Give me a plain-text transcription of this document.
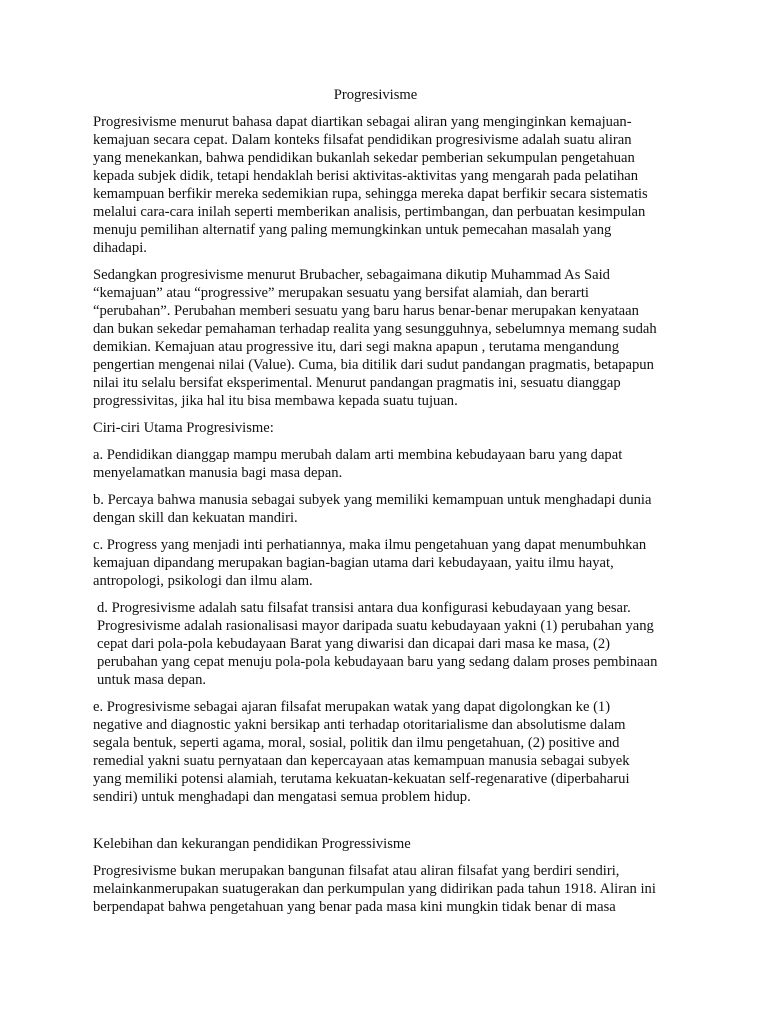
Progresivisme

Progresivisme menurut bahasa dapat diartikan sebagai aliran yang menginginkan kemajuan-kemajuan secara cepat. Dalam konteks filsafat pendidikan progresivisme adalah suatu aliran yang menekankan, bahwa pendidikan bukanlah sekedar pemberian sekumpulan pengetahuan kepada subjek didik, tetapi hendaklah berisi aktivitas-aktivitas yang mengarah pada pelatihan kemampuan berfikir mereka sedemikian rupa, sehingga mereka dapat berfikir secara sistematis melalui cara-cara inilah seperti memberikan analisis, pertimbangan, dan perbuatan kesimpulan menuju pemilihan alternatif yang paling memungkinkan untuk pemecahan masalah yang dihadapi.

Sedangkan progresivisme menurut Brubacher, sebagaimana dikutip Muhammad As Said “kemajuan” atau “progressive” merupakan sesuatu yang bersifat alamiah, dan berarti “perubahan”. Perubahan memberi sesuatu yang baru harus benar-benar merupakan kenyataan dan bukan sekedar pemahaman terhadap realita yang sesungguhnya, sebelumnya memang sudah demikian. Kemajuan atau progressive itu, dari segi makna apapun , terutama mengandung pengertian mengenai nilai (Value). Cuma, bia ditilik dari sudut pandangan pragmatis, betapapun nilai itu selalu bersifat eksperimental. Menurut pandangan pragmatis ini, sesuatu dianggap progressivitas, jika hal itu bisa membawa kepada suatu tujuan.

Ciri-ciri Utama Progresivisme:

a. Pendidikan dianggap mampu merubah dalam arti membina kebudayaan baru yang dapat menyelamatkan manusia bagi masa depan.

b. Percaya bahwa manusia sebagai subyek yang memiliki kemampuan untuk menghadapi dunia dengan skill dan kekuatan mandiri.

c. Progress yang menjadi inti perhatiannya, maka ilmu pengetahuan yang dapat menumbuhkan kemajuan dipandang merupakan bagian-bagian utama dari kebudayaan, yaitu ilmu hayat, antropologi, psikologi dan ilmu alam.

d. Progresivisme adalah satu filsafat transisi antara dua konfigurasi kebudayaan yang besar. Progresivisme adalah rasionalisasi mayor daripada suatu kebudayaan yakni (1) perubahan yang cepat dari pola-pola kebudayaan Barat yang diwarisi dan dicapai dari masa ke masa, (2) perubahan yang cepat menuju pola-pola kebudayaan baru yang sedang dalam proses pembinaan untuk masa depan.

e. Progresivisme sebagai ajaran filsafat merupakan watak yang dapat digolongkan ke (1) negative and diagnostic yakni bersikap anti terhadap otoritarialisme dan absolutisme dalam segala bentuk, seperti agama, moral, sosial, politik dan ilmu pengetahuan, (2) positive and remedial yakni suatu pernyataan dan kepercayaan atas kemampuan manusia sebagai subyek yang memiliki potensi alamiah, terutama kekuatan-kekuatan self-regenarative (diperbaharui sendiri) untuk menghadapi dan mengatasi semua problem hidup.

Kelebihan dan kekurangan pendidikan Progressivisme

Progresivisme bukan merupakan bangunan filsafat atau aliran filsafat yang berdiri sendiri, melainkanmerupakan suatugerakan dan perkumpulan yang didirikan pada tahun 1918. Aliran ini berpendapat bahwa pengetahuan yang benar pada masa kini mungkin tidak benar di masa
